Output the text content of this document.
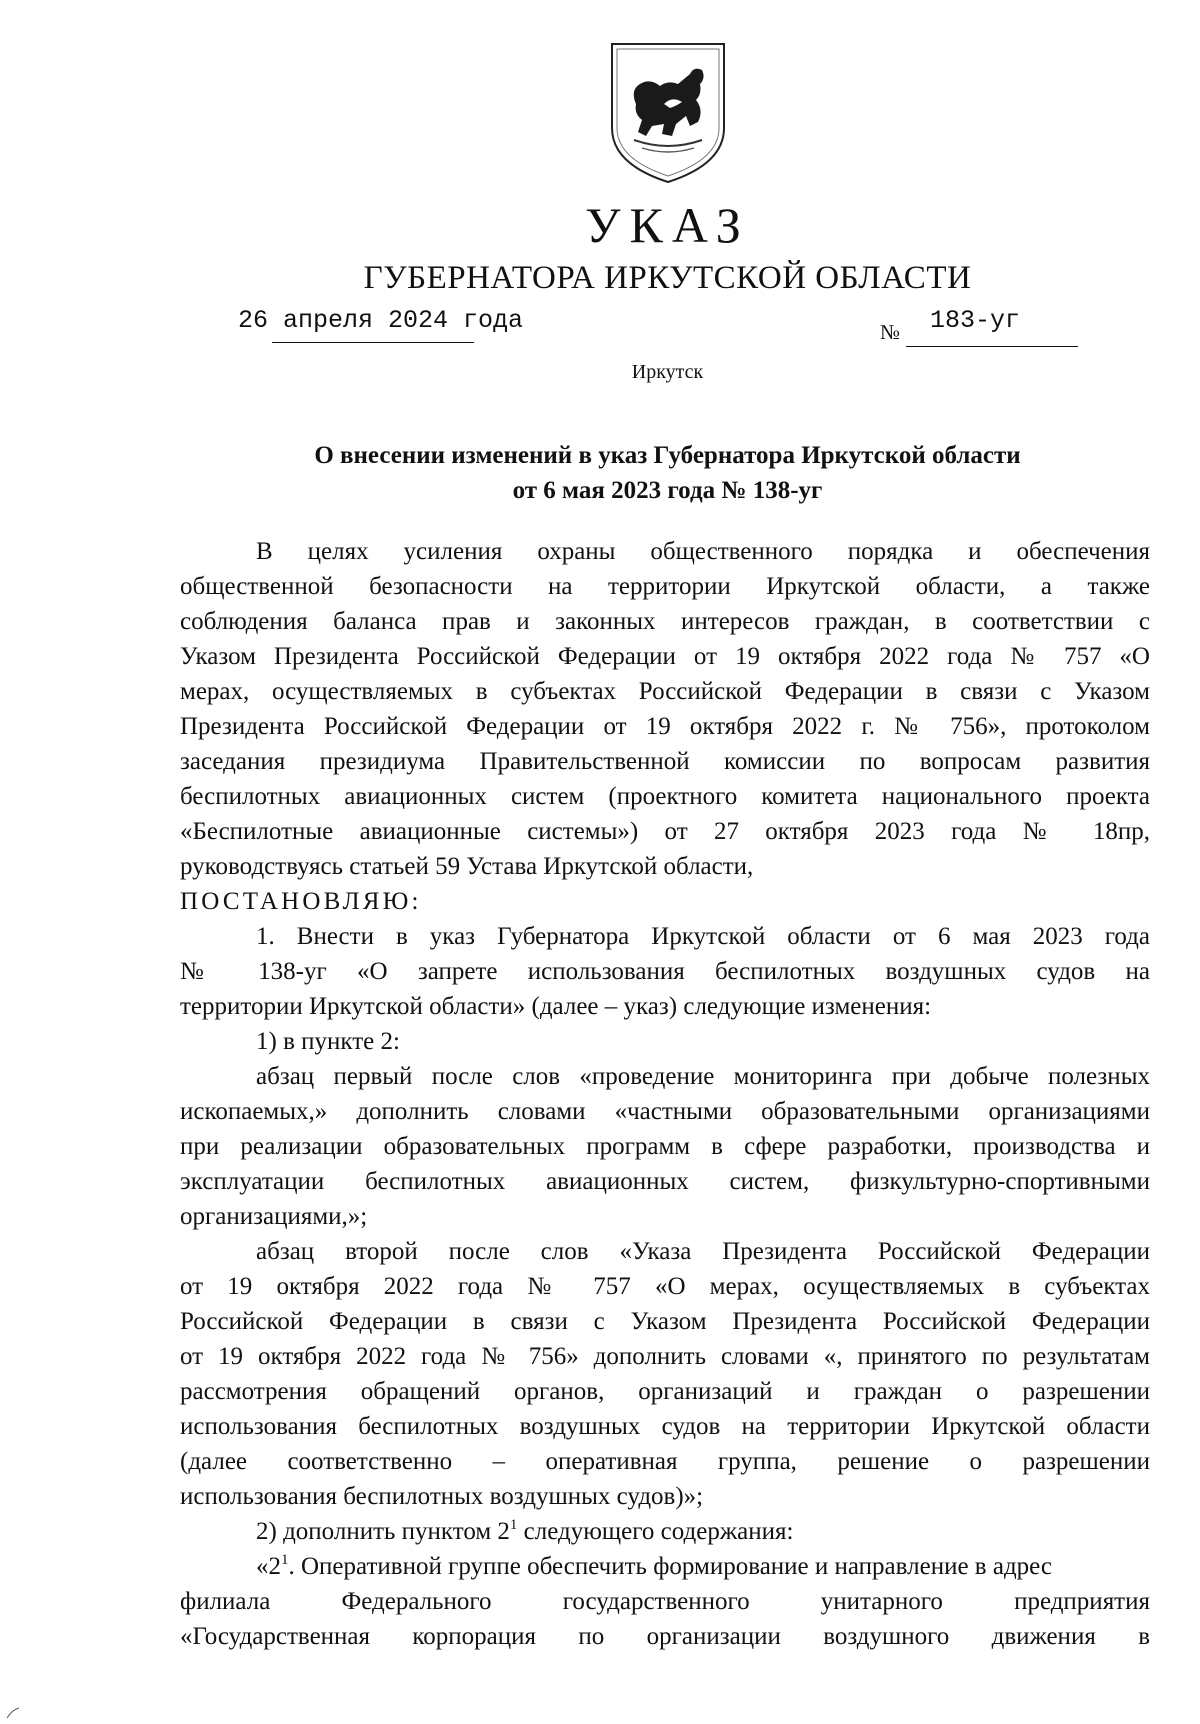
УКАЗ
ГУБЕРНАТОРА ИРКУТСКОЙ ОБЛАСТИ
26 апреля 2024 года	№ 183-уг
Иркутск
О внесении изменений в указ Губернатора Иркутской области
от 6 мая 2023 года № 138-уг
В целях усиления охраны общественного порядка и обеспечения
общественной безопасности на территории Иркутской области, а также
соблюдения баланса прав и законных интересов граждан, в соответствии с
Указом Президента Российской Федерации от 19 октября 2022 года № 757 «О
мерах, осуществляемых в субъектах Российской Федерации в связи с Указом
Президента Российской Федерации от 19 октября 2022 г. № 756», протоколом
заседания президиума Правительственной комиссии по вопросам развития
беспилотных авиационных систем (проектного комитета национального проекта
«Беспилотные авиационные системы») от 27 октября 2023 года № 18пр,
руководствуясь статьей 59 Устава Иркутской области,
ПОСТАНОВЛЯЮ:
1. Внести в указ Губернатора Иркутской области от 6 мая 2023 года
№ 138-уг «О запрете использования беспилотных воздушных судов на
территории Иркутской области» (далее – указ) следующие изменения:
1) в пункте 2:
абзац первый после слов «проведение мониторинга при добыче полезных
ископаемых,» дополнить словами «частными образовательными организациями
при реализации образовательных программ в сфере разработки, производства и
эксплуатации беспилотных авиационных систем, физкультурно-спортивными
организациями,»;
абзац второй после слов «Указа Президента Российской Федерации
от 19 октября 2022 года № 757 «О мерах, осуществляемых в субъектах
Российской Федерации в связи с Указом Президента Российской Федерации
от 19 октября 2022 года № 756» дополнить словами «, принятого по результатам
рассмотрения обращений органов, организаций и граждан о разрешении
использования беспилотных воздушных судов на территории Иркутской области
(далее соответственно – оперативная группа, решение о разрешении
использования беспилотных воздушных судов)»;
2) дополнить пунктом $2^1$ следующего содержания:
«$2^1$. Оперативной группе обеспечить формирование и направление в адрес
филиала Федерального государственного унитарного предприятия
«Государственная корпорация по организации воздушного движения в
